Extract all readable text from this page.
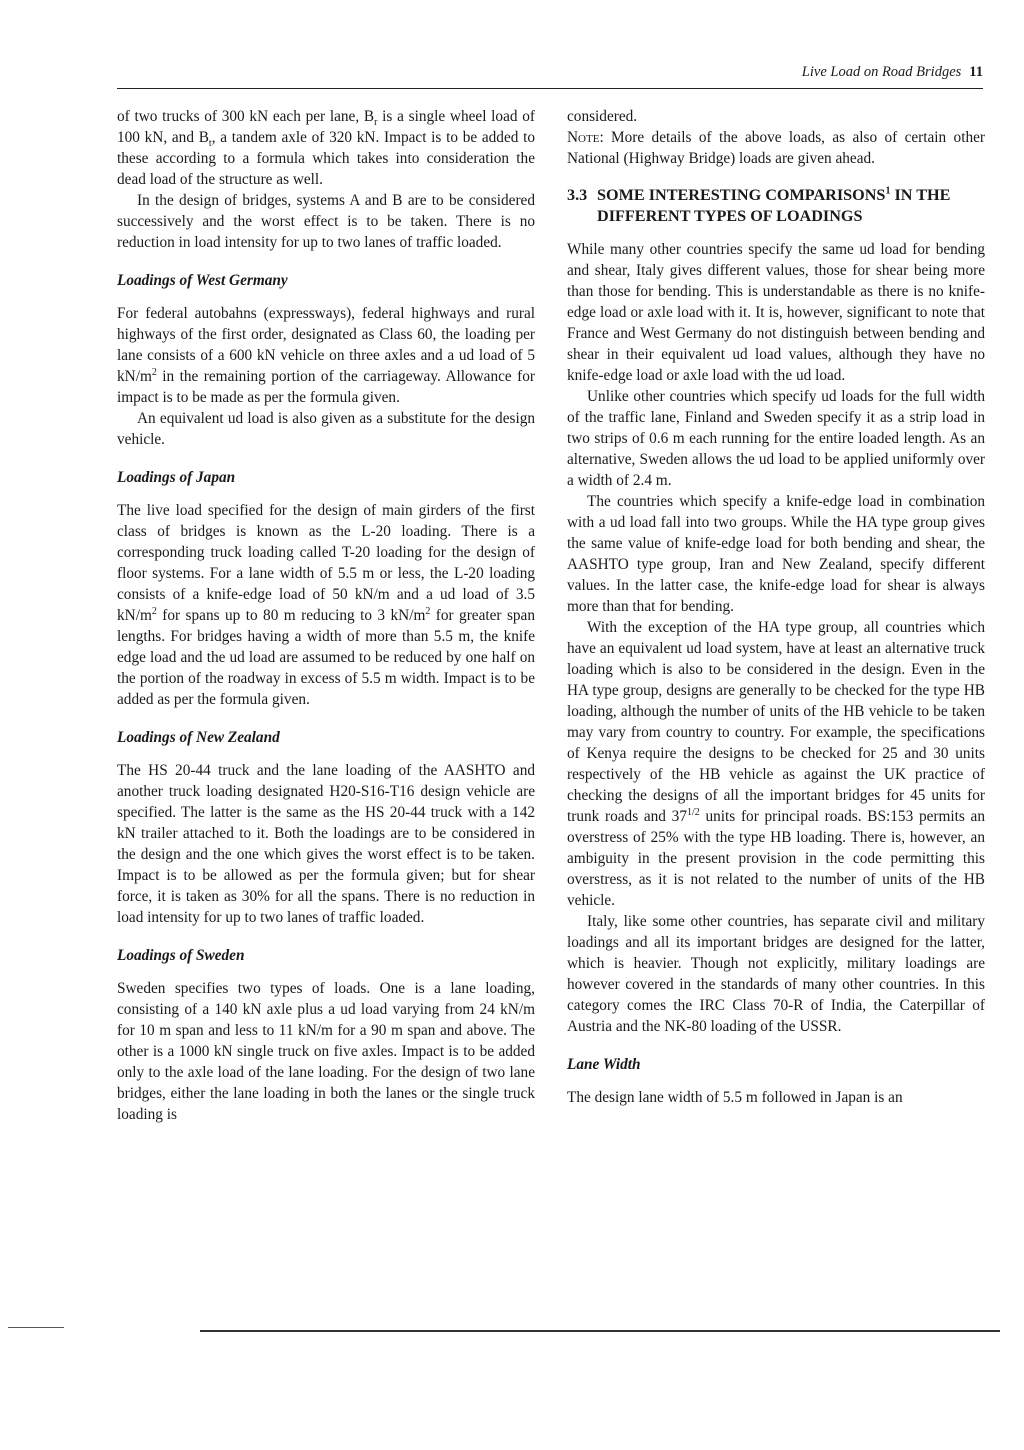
Live Load on Road Bridges 11

of two trucks of 300 kN each per lane, $B_r$ is a single wheel load of 100 kN, and $B_t$, a tandem axle of 320 kN. Impact is to be added to these according to a formula which takes into consideration the dead load of the structure as well.

In the design of bridges, systems A and B are to be considered successively and the worst effect is to be taken. There is no reduction in load intensity for up to two lanes of traffic loaded.

Loadings of West Germany

For federal autobahns (expressways), federal highways and rural highways of the first order, designated as Class 60, the loading per lane consists of a 600 kN vehicle on three axles and a ud load of 5 $kN/m^2$ in the remaining portion of the carriageway. Allowance for impact is to be made as per the formula given.

An equivalent ud load is also given as a substitute for the design vehicle.

Loadings of Japan

The live load specified for the design of main girders of the first class of bridges is known as the L-20 loading. There is a corresponding truck loading called T-20 loading for the design of floor systems. For a lane width of 5.5 m or less, the L-20 loading consists of a knife-edge load of 50 kN/m and a ud load of 3.5 $kN/m^2$ for spans up to 80 m reducing to 3 $kN/m^2$ for greater span lengths. For bridges having a width of more than 5.5 m, the knife edge load and the ud load are assumed to be reduced by one half on the portion of the roadway in excess of 5.5 m width. Impact is to be added as per the formula given.

Loadings of New Zealand

The HS 20-44 truck and the lane loading of the AASHTO and another truck loading designated H20-S16-T16 design vehicle are specified. The latter is the same as the HS 20-44 truck with a 142 kN trailer attached to it. Both the loadings are to be considered in the design and the one which gives the worst effect is to be taken. Impact is to be allowed as per the formula given; but for shear force, it is taken as 30% for all the spans. There is no reduction in load intensity for up to two lanes of traffic loaded.

Loadings of Sweden

Sweden specifies two types of loads. One is a lane loading, consisting of a 140 kN axle plus a ud load varying from 24 kN/m for 10 m span and less to 11 kN/m for a 90 m span and above. The other is a 1000 kN single truck on five axles. Impact is to be added only to the axle load of the lane loading. For the design of two lane bridges, either the lane loading in both the lanes or the single truck loading is

considered.

Note: More details of the above loads, as also of certain other National (Highway Bridge) loads are given ahead.

3.3 SOME INTERESTING COMPARISONS$^1$ IN THE
DIFFERENT TYPES OF LOADINGS

While many other countries specify the same ud load for bending and shear, Italy gives different values, those for shear being more than those for bending. This is understandable as there is no knife-edge load or axle load with it. It is, however, significant to note that France and West Germany do not distinguish between bending and shear in their equivalent ud load values, although they have no knife-edge load or axle load with the ud load.

Unlike other countries which specify ud loads for the full width of the traffic lane, Finland and Sweden specify it as a strip load in two strips of 0.6 m each running for the entire loaded length. As an alternative, Sweden allows the ud load to be applied uniformly over a width of 2.4 m.

The countries which specify a knife-edge load in combination with a ud load fall into two groups. While the HA type group gives the same value of knife-edge load for both bending and shear, the AASHTO type group, Iran and New Zealand, specify different values. In the latter case, the knife-edge load for shear is always more than that for bending.

With the exception of the HA type group, all countries which have an equivalent ud load system, have at least an alternative truck loading which is also to be considered in the design. Even in the HA type group, designs are generally to be checked for the type HB loading, although the number of units of the HB vehicle to be taken may vary from country to country. For example, the specifications of Kenya require the designs to be checked for 25 and 30 units respectively of the HB vehicle as against the UK practice of checking the designs of all the important bridges for 45 units for trunk roads and $37^{1/2}$ units for principal roads. BS:153 permits an overstress of 25% with the type HB loading. There is, however, an ambiguity in the present provision in the code permitting this overstress, as it is not related to the number of units of the HB vehicle.

Italy, like some other countries, has separate civil and military loadings and all its important bridges are designed for the latter, which is heavier. Though not explicitly, military loadings are however covered in the standards of many other countries. In this category comes the IRC Class 70-R of India, the Caterpillar of Austria and the NK-80 loading of the USSR.

Lane Width

The design lane width of 5.5 m followed in Japan is an
